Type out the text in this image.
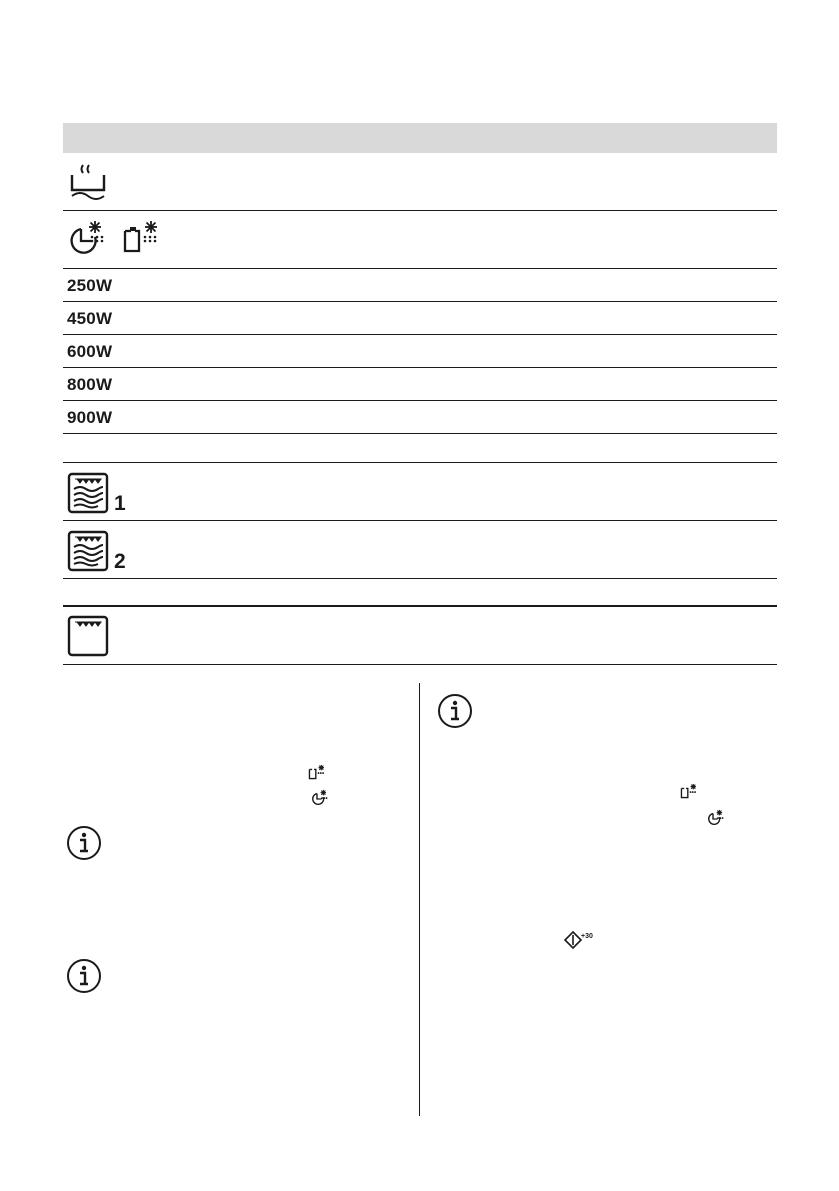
250W
450W
600W
800W
900W
1
2
+30
